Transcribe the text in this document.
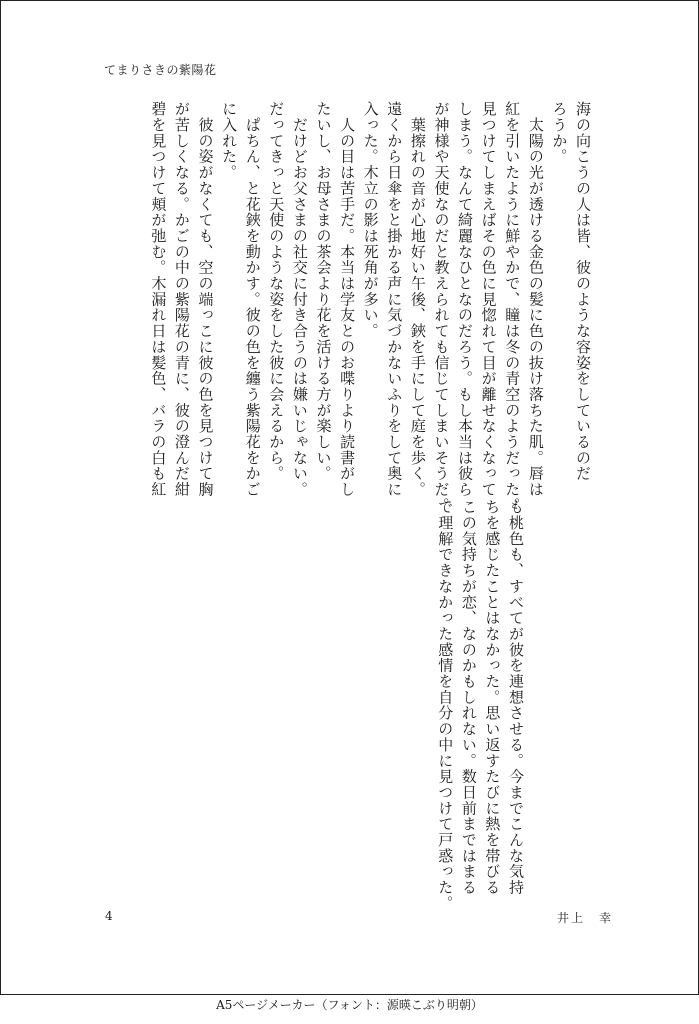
てまりさきの紫陽花
海の向こうの人は皆、彼のような容姿をしているのだ
ろうか。
　太陽の光が透ける金色の髪に色の抜け落ちた肌。唇は
紅を引いたように鮮やかで、瞳は冬の青空のようだった。
見つけてしまえばその色に見惚れて目が離せなくなって
しまう。なんて綺麗なひとなのだろう。もし本当は彼ら
が神様や天使なのだと教えられても信じてしまいそうだ。
　葉擦れの音が心地好い午後、鋏を手にして庭を歩く。
遠くから日傘をと掛かる声に気づかないふりをして奥に
入った。木立の影は死角が多い。
　人の目は苦手だ。本当は学友とのお喋りより読書がし
たいし、お母さまの茶会より花を活ける方が楽しい。
　だけどお父さまの社交に付き合うのは嫌いじゃない。
だってきっと天使のような姿をした彼に会えるから。
　ぱちん、と花鋏を動かす。彼の色を纏う紫陽花をかご
に入れた。
　彼の姿がなくても、空の端っこに彼の色を見つけて胸
が苦しくなる。かごの中の紫陽花の青に、彼の澄んだ紺
碧を見つけて頬が弛む。木漏れ日は髪色、バラの白も紅
も桃色も、すべてが彼を連想させる。今までこんな気持
ちを感じたことはなかった。思い返すたびに熱を帯びる
この気持ちが恋、なのかもしれない。数日前まではまる
で理解できなかった感情を自分の中に見つけて戸惑った。
4	井上　幸
A5ページメーカー（フォント：源暎こぶり明朝）
